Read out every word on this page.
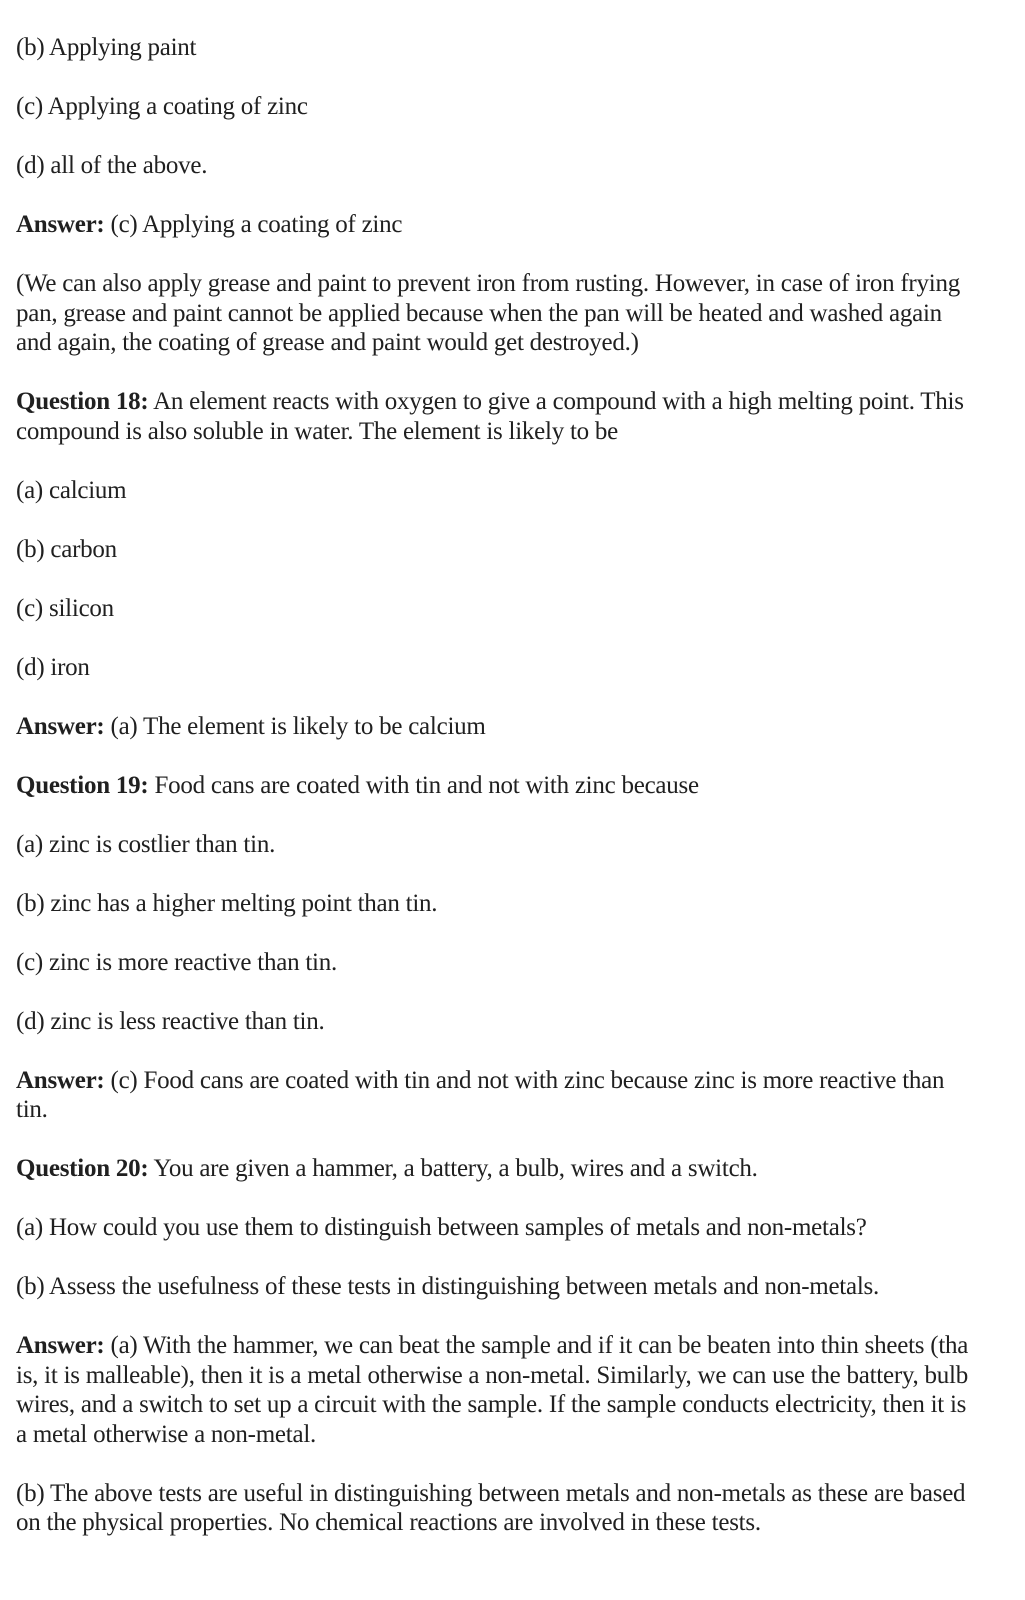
(b) Applying paint
(c) Applying a coating of zinc
(d) all of the above.
Answer: (c) Applying a coating of zinc
(We can also apply grease and paint to prevent iron from rusting. However, in case of iron frying
pan, grease and paint cannot be applied because when the pan will be heated and washed again
and again, the coating of grease and paint would get destroyed.)
Question 18: An element reacts with oxygen to give a compound with a high melting point. This
compound is also soluble in water. The element is likely to be
(a) calcium
(b) carbon
(c) silicon
(d) iron
Answer: (a) The element is likely to be calcium
Question 19: Food cans are coated with tin and not with zinc because
(a) zinc is costlier than tin.
(b) zinc has a higher melting point than tin.
(c) zinc is more reactive than tin.
(d) zinc is less reactive than tin.
Answer: (c) Food cans are coated with tin and not with zinc because zinc is more reactive than
tin.
Question 20: You are given a hammer, a battery, a bulb, wires and a switch.
(a) How could you use them to distinguish between samples of metals and non-metals?
(b) Assess the usefulness of these tests in distinguishing between metals and non-metals.
Answer: (a) With the hammer, we can beat the sample and if it can be beaten into thin sheets (tha
is, it is malleable), then it is a metal otherwise a non-metal. Similarly, we can use the battery, bulb
wires, and a switch to set up a circuit with the sample. If the sample conducts electricity, then it is
a metal otherwise a non-metal.
(b) The above tests are useful in distinguishing between metals and non-metals as these are based
on the physical properties. No chemical reactions are involved in these tests.
